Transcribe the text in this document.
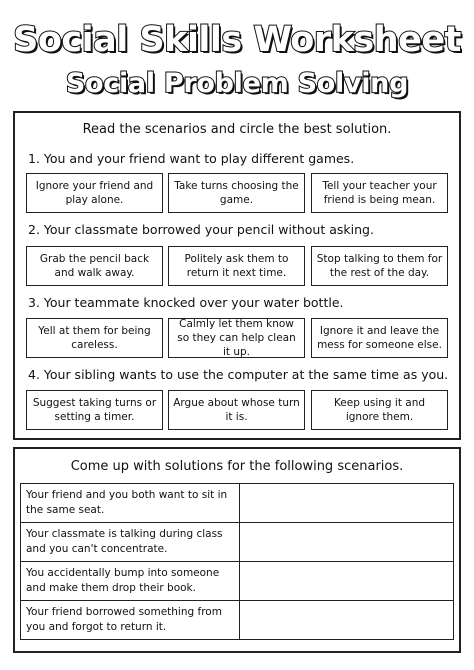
Social Skills Worksheet
Social Problem Solving
Read the scenarios and circle the best solution.
1. You and your friend want to play different games.
Ignore your friend and play alone.
Take turns choosing the game.
Tell your teacher your friend is being mean.
2. Your classmate borrowed your pencil without asking.
Grab the pencil back and walk away.
Politely ask them to return it next time.
Stop talking to them for the rest of the day.
3. Your teammate knocked over your water bottle.
Yell at them for being careless.
Calmly let them know so they can help clean it up.
Ignore it and leave the mess for someone else.
4. Your sibling wants to use the computer at the same time as you.
Suggest taking turns or setting a timer.
Argue about whose turn it is.
Keep using it and ignore them.
Come up with solutions for the following scenarios.
Your friend and you both want to sit in the same seat.	
Your classmate is talking during class and you can't concentrate.	
You accidentally bump into someone and make them drop their book.	
Your friend borrowed something from you and forgot to return it.	
